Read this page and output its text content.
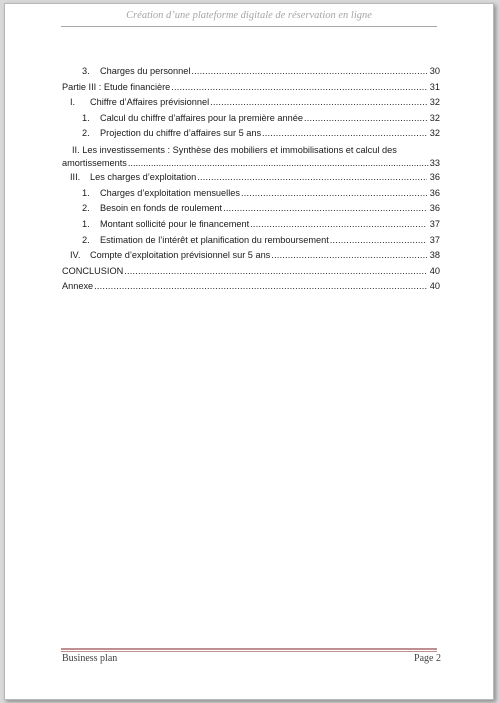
Création d’une plateforme digitale de réservation en ligne
3.	Charges du personnel .....	30
Partie III : Etude financière .....	31
I.	Chiffre d’Affaires prévisionnel .....	32
1.	Calcul du chiffre d’affaires pour la première année .....	32
2.	Projection du chiffre d’affaires sur 5 ans .....	32
II. Les investissements : Synthèse des mobiliers et immobilisations et calcul des
amortissements .....	33
III.	Les charges d’exploitation .....	36
1.	Charges d’exploitation mensuelles .....	36
2.	Besoin en fonds de roulement .....	36
1.	Montant sollicité pour le financement .....	37
2.	Estimation de l’intérêt et planification du remboursement .....	37
IV.	Compte d’exploitation prévisionnel sur 5 ans .....	38
CONCLUSION .....	40
Annexe .....	40
Business plan	Page 2
